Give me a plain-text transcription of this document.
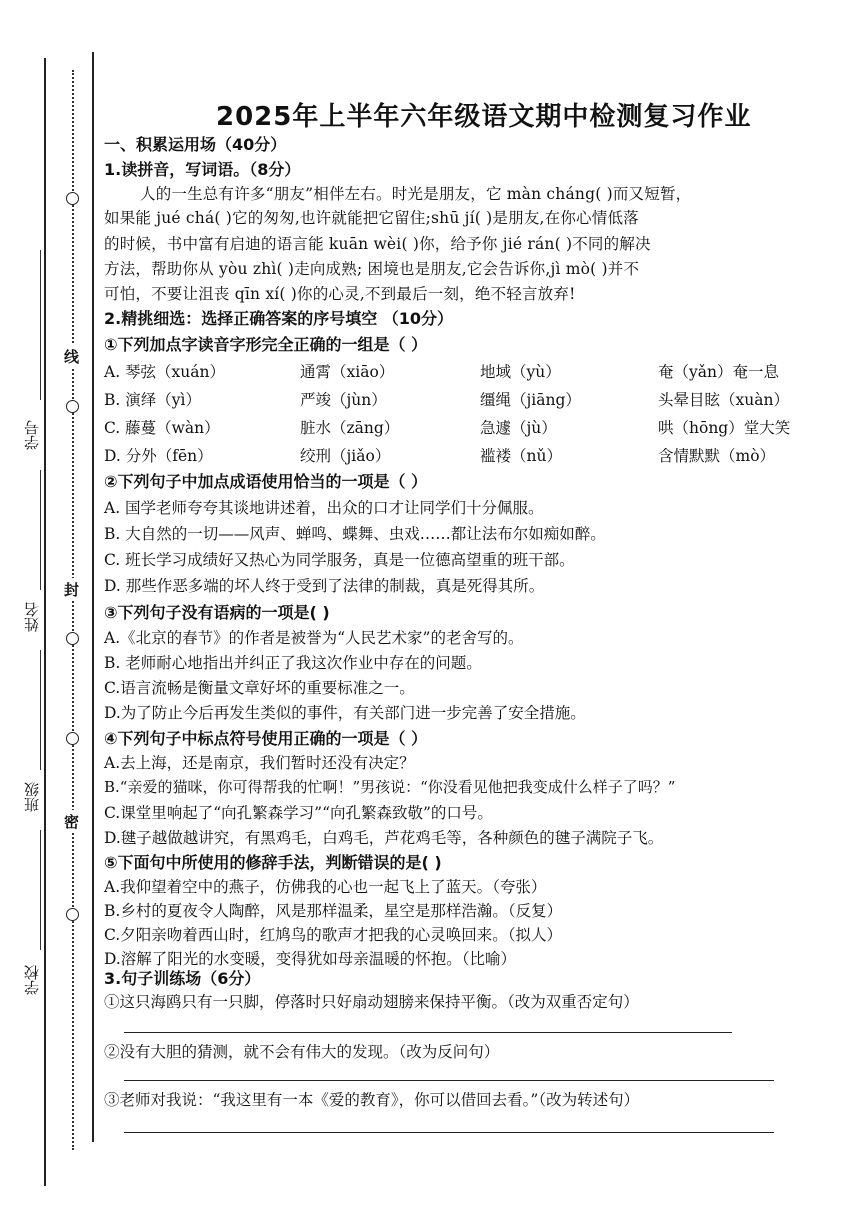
线
封
密
学号
姓名
班级
学校
2025年上半年六年级语文期中检测复习作业
一、积累运用场（40分）
1.读拼音，写词语。（8分）
人的一生总有许多“朋友”相伴左右。时光是朋友，它 màn cháng( )而又短暂，
如果能 jué chá( )它的匆匆,也许就能把它留住;shū jí( )是朋友,在你心情低落
的时候，书中富有启迪的语言能 kuān wèi( )你，给予你 jié rán( )不同的解决
方法，帮助你从 yòu zhì( )走向成熟; 困境也是朋友,它会告诉你,jì mò( )并不
可怕，不要让沮丧 qīn xí( )你的心灵,不到最后一刻，绝不轻言放弃!
2.精挑细选：选择正确答案的序号填空 （10分）
①下列加点字读音字形完全正确的一组是（ ）
A. 琴弦（xuán）	通霄（xiāo）	地域（yù）	奄（yǎn）奄一息
B. 演绎（yì）	严竣（jùn）	缰绳（jiāng）	头晕目眩（xuàn）
C. 藤蔓（wàn）	脏水（zāng）	急遽（jù）	哄（hōng）堂大笑
D. 分外（fēn）	绞刑（jiǎo）	褴褛（nǔ）	含情默默（mò）
②下列句子中加点成语使用恰当的一项是（ ）
A. 国学老师夸夸其谈地讲述着，出众的口才让同学们十分佩服。
B. 大自然的一切——风声、蝉鸣、蝶舞、虫戏……都让法布尔如痴如醉。
C. 班长学习成绩好又热心为同学服务，真是一位德高望重的班干部。
D. 那些作恶多端的坏人终于受到了法律的制裁，真是死得其所。
③下列句子没有语病的一项是( )
A.《北京的春节》的作者是被誉为“人民艺术家”的老舍写的。
B. 老师耐心地指出并纠正了我这次作业中存在的问题。
C.语言流畅是衡量文章好坏的重要标准之一。
D.为了防止今后再发生类似的事件，有关部门进一步完善了安全措施。
④下列句子中标点符号使用正确的一项是（ ）
A.去上海，还是南京，我们暂时还没有决定？
B.“亲爱的猫咪，你可得帮我的忙啊！”男孩说：“你没看见他把我变成什么样子了吗？”
C.课堂里响起了“向孔繁森学习”“向孔繁森致敬”的口号。
D.毽子越做越讲究，有黑鸡毛，白鸡毛，芦花鸡毛等，各种颜色的毽子满院子飞。
⑤下面句中所使用的修辞手法，判断错误的是( )
A.我仰望着空中的燕子，仿佛我的心也一起飞上了蓝天。（夸张）
B.乡村的夏夜令人陶醉，风是那样温柔，星空是那样浩瀚。（反复）
C.夕阳亲吻着西山时，红鸠鸟的歌声才把我的心灵唤回来。（拟人）
D.溶解了阳光的水变暖，变得犹如母亲温暖的怀抱。（比喻）
3.句子训练场（6分）
①这只海鸥只有一只脚，停落时只好扇动翅膀来保持平衡。（改为双重否定句）
②没有大胆的猜测，就不会有伟大的发现。（改为反问句）
③老师对我说：“我这里有一本《爱的教育》，你可以借回去看。”（改为转述句）
